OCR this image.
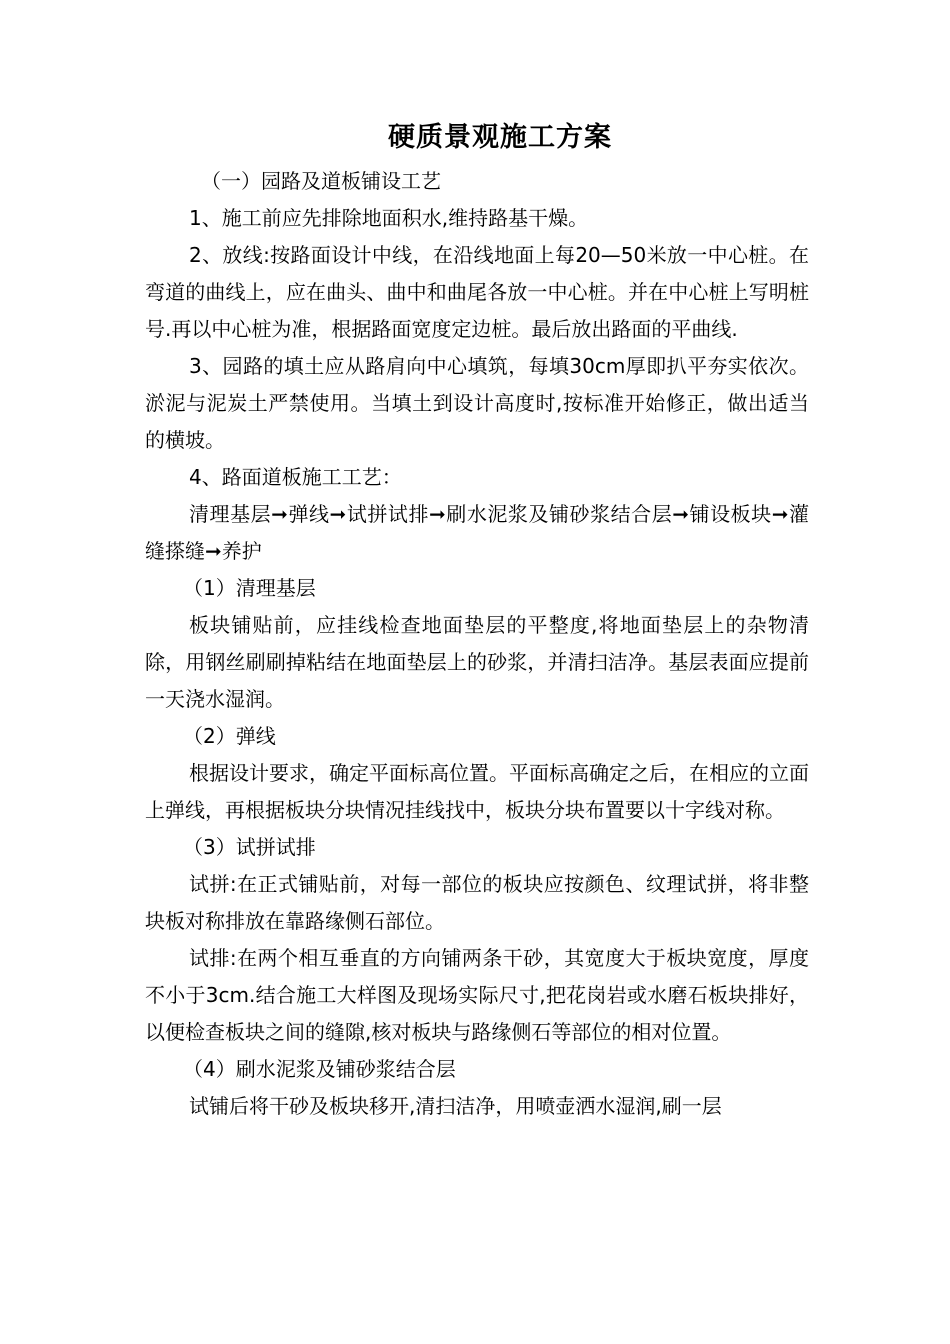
硬质景观施工方案

（一）园路及道板铺设工艺

1、施工前应先排除地面积水,维持路基干燥。

2、放线:按路面设计中线，在沿线地面上每20—50米放一中心桩。在弯道的曲线上，应在曲头、曲中和曲尾各放一中心桩。并在中心桩上写明桩号.再以中心桩为准，根据路面宽度定边桩。最后放出路面的平曲线.

3、园路的填土应从路肩向中心填筑，每填30cm厚即扒平夯实依次。淤泥与泥炭土严禁使用。当填土到设计高度时,按标准开始修正，做出适当的横坡。

4、路面道板施工工艺：

清理基层➞弹线➞试拼试排➞刷水泥浆及铺砂浆结合层➞铺设板块➞灌缝搽缝➞养护

（1）清理基层

板块铺贴前，应挂线检查地面垫层的平整度,将地面垫层上的杂物清除，用钢丝刷刷掉粘结在地面垫层上的砂浆，并清扫洁净。基层表面应提前一天浇水湿润。

（2）弹线

根据设计要求，确定平面标高位置。平面标高确定之后，在相应的立面上弹线，再根据板块分块情况挂线找中，板块分块布置要以十字线对称。

（3）试拼试排

试拼:在正式铺贴前，对每一部位的板块应按颜色、纹理试拼，将非整块板对称排放在靠路缘侧石部位。

试排:在两个相互垂直的方向铺两条干砂，其宽度大于板块宽度，厚度不小于3cm.结合施工大样图及现场实际尺寸,把花岗岩或水磨石板块排好，以便检查板块之间的缝隙,核对板块与路缘侧石等部位的相对位置。

（4）刷水泥浆及铺砂浆结合层

试铺后将干砂及板块移开,清扫洁净，用喷壶洒水湿润,刷一层
